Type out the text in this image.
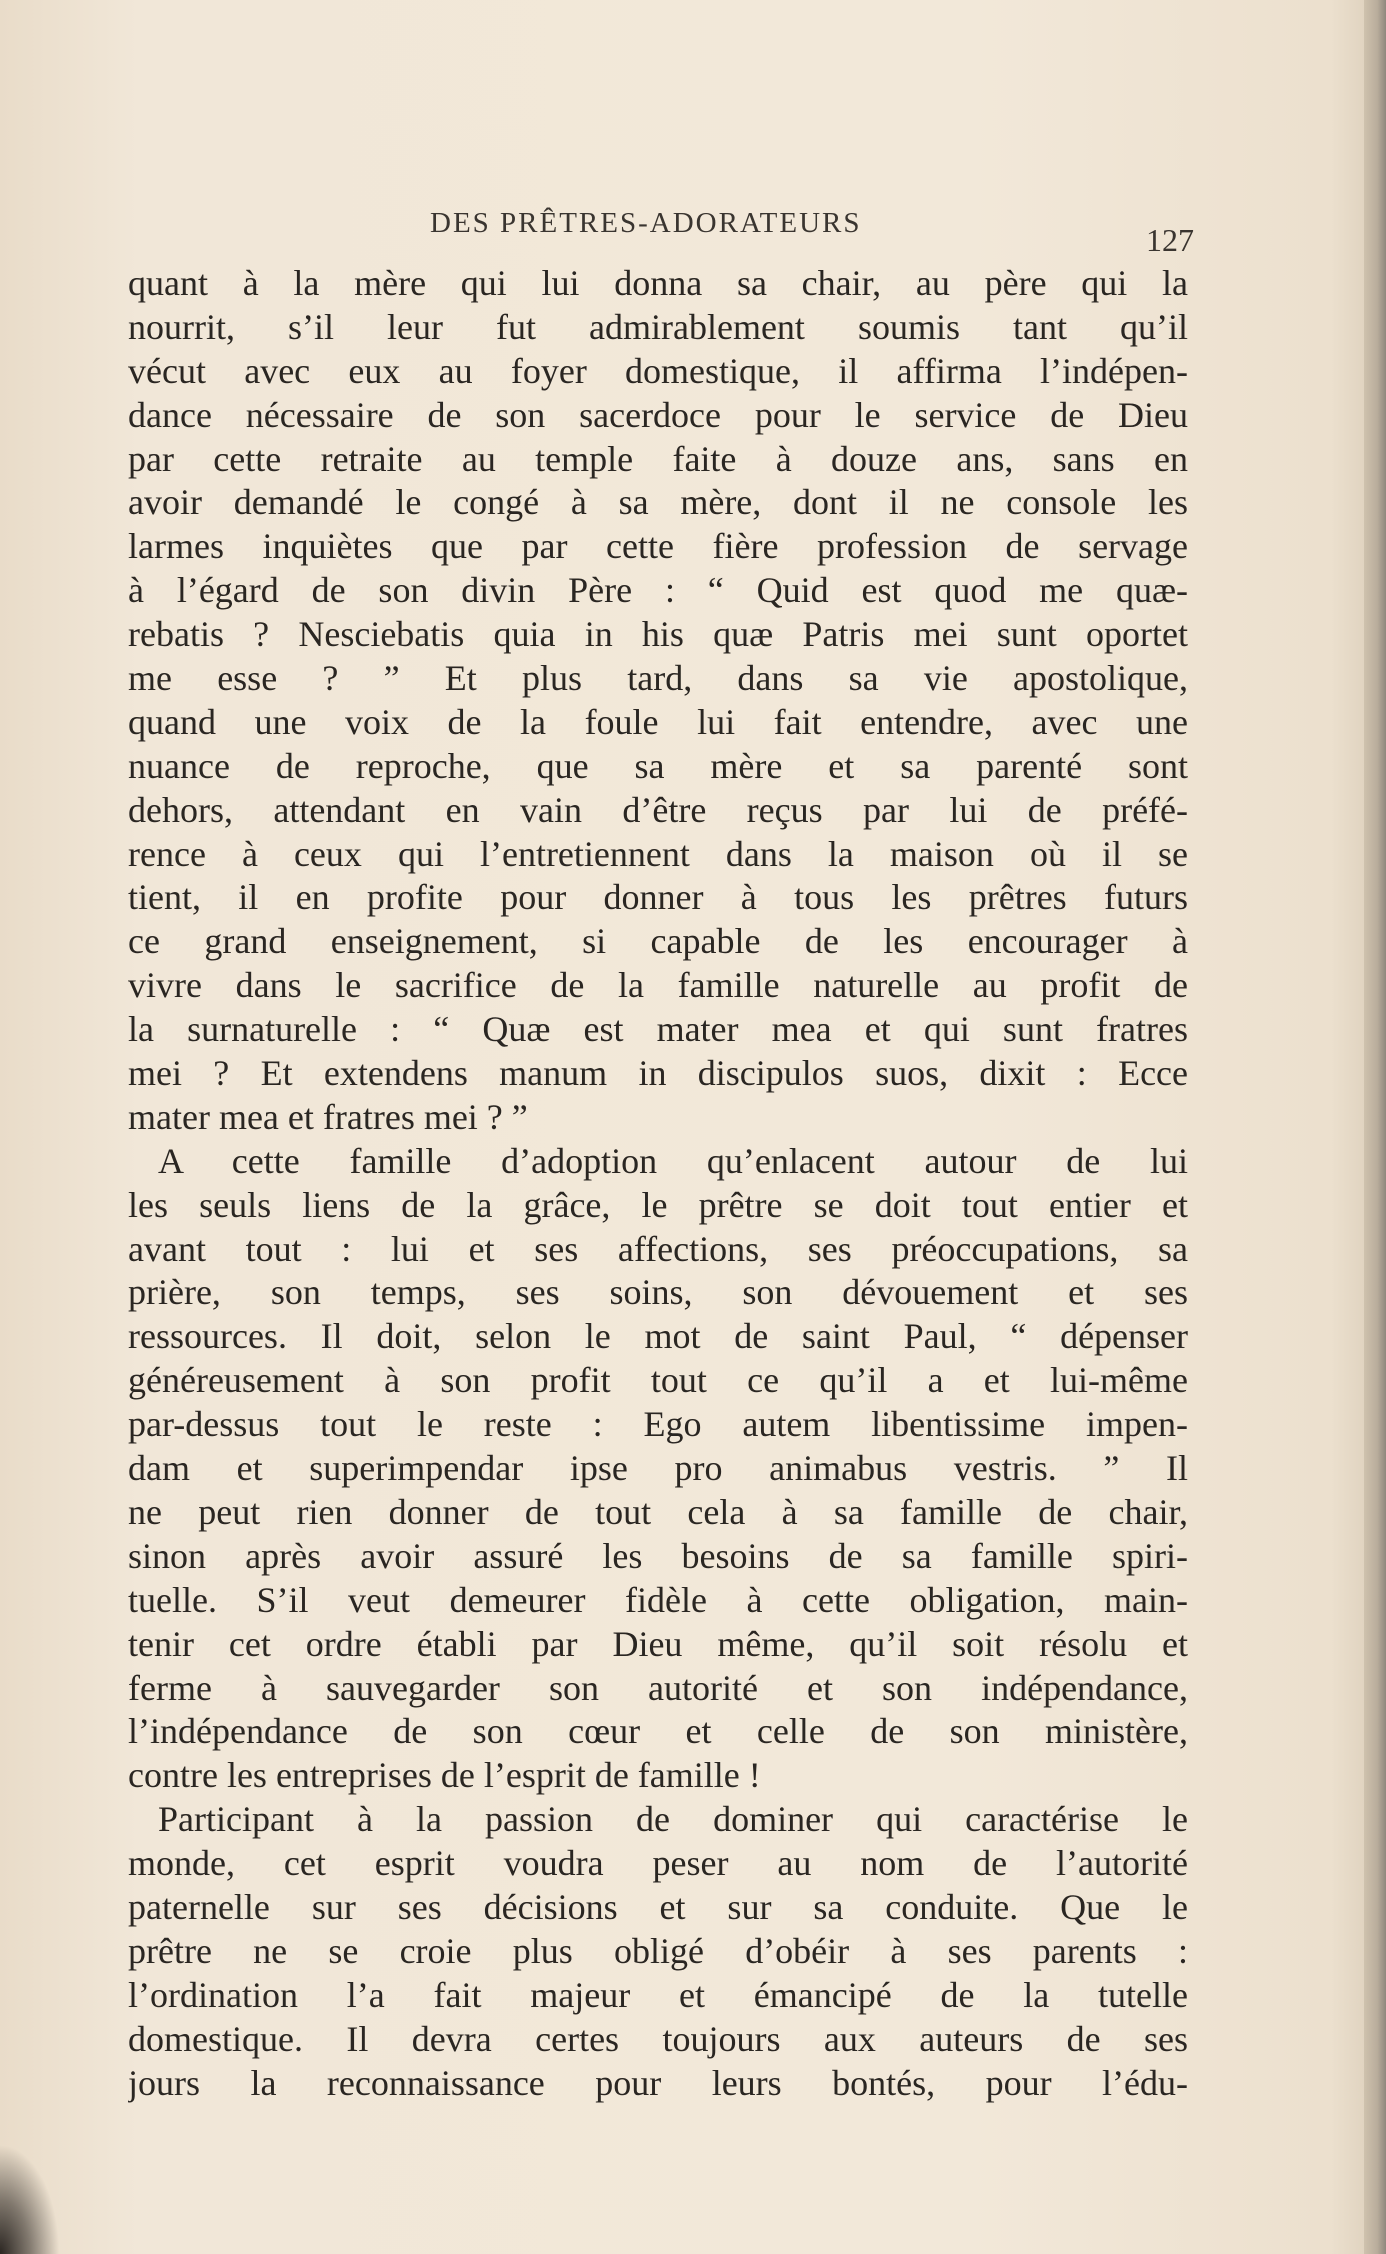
DES PRÊTRES-ADORATEURS	127
quant à la mère qui lui donna sa chair, au père qui la
nourrit, s’il leur fut admirablement soumis tant qu’il
vécut avec eux au foyer domestique, il affirma l’indépen-
dance nécessaire de son sacerdoce pour le service de Dieu
par cette retraite au temple faite à douze ans, sans en
avoir demandé le congé à sa mère, dont il ne console les
larmes inquiètes que par cette fière profession de servage
à l’égard de son divin Père : “ Quid est quod me quæ-
rebatis ? Nesciebatis quia in his quæ Patris mei sunt oportet
me esse ? ” Et plus tard, dans sa vie apostolique,
quand une voix de la foule lui fait entendre, avec une
nuance de reproche, que sa mère et sa parenté sont
dehors, attendant en vain d’être reçus par lui de préfé-
rence à ceux qui l’entretiennent dans la maison où il se
tient, il en profite pour donner à tous les prêtres futurs
ce grand enseignement, si capable de les encourager à
vivre dans le sacrifice de la famille naturelle au profit de
la surnaturelle : “ Quæ est mater mea et qui sunt fratres
mei ? Et extendens manum in discipulos suos, dixit : Ecce
mater mea et fratres mei ? ”
A cette famille d’adoption qu’enlacent autour de lui
les seuls liens de la grâce, le prêtre se doit tout entier et
avant tout : lui et ses affections, ses préoccupations, sa
prière, son temps, ses soins, son dévouement et ses
ressources. Il doit, selon le mot de saint Paul, “ dépenser
généreusement à son profit tout ce qu’il a et lui-même
par-dessus tout le reste : Ego autem libentissime impen-
dam et superimpendar ipse pro animabus vestris. ” Il
ne peut rien donner de tout cela à sa famille de chair,
sinon après avoir assuré les besoins de sa famille spiri-
tuelle. S’il veut demeurer fidèle à cette obligation, main-
tenir cet ordre établi par Dieu même, qu’il soit résolu et
ferme à sauvegarder son autorité et son indépendance,
l’indépendance de son cœur et celle de son ministère,
contre les entreprises de l’esprit de famille !
Participant à la passion de dominer qui caractérise le
monde, cet esprit voudra peser au nom de l’autorité
paternelle sur ses décisions et sur sa conduite. Que le
prêtre ne se croie plus obligé d’obéir à ses parents :
l’ordination l’a fait majeur et émancipé de la tutelle
domestique. Il devra certes toujours aux auteurs de ses
jours la reconnaissance pour leurs bontés, pour l’édu-
